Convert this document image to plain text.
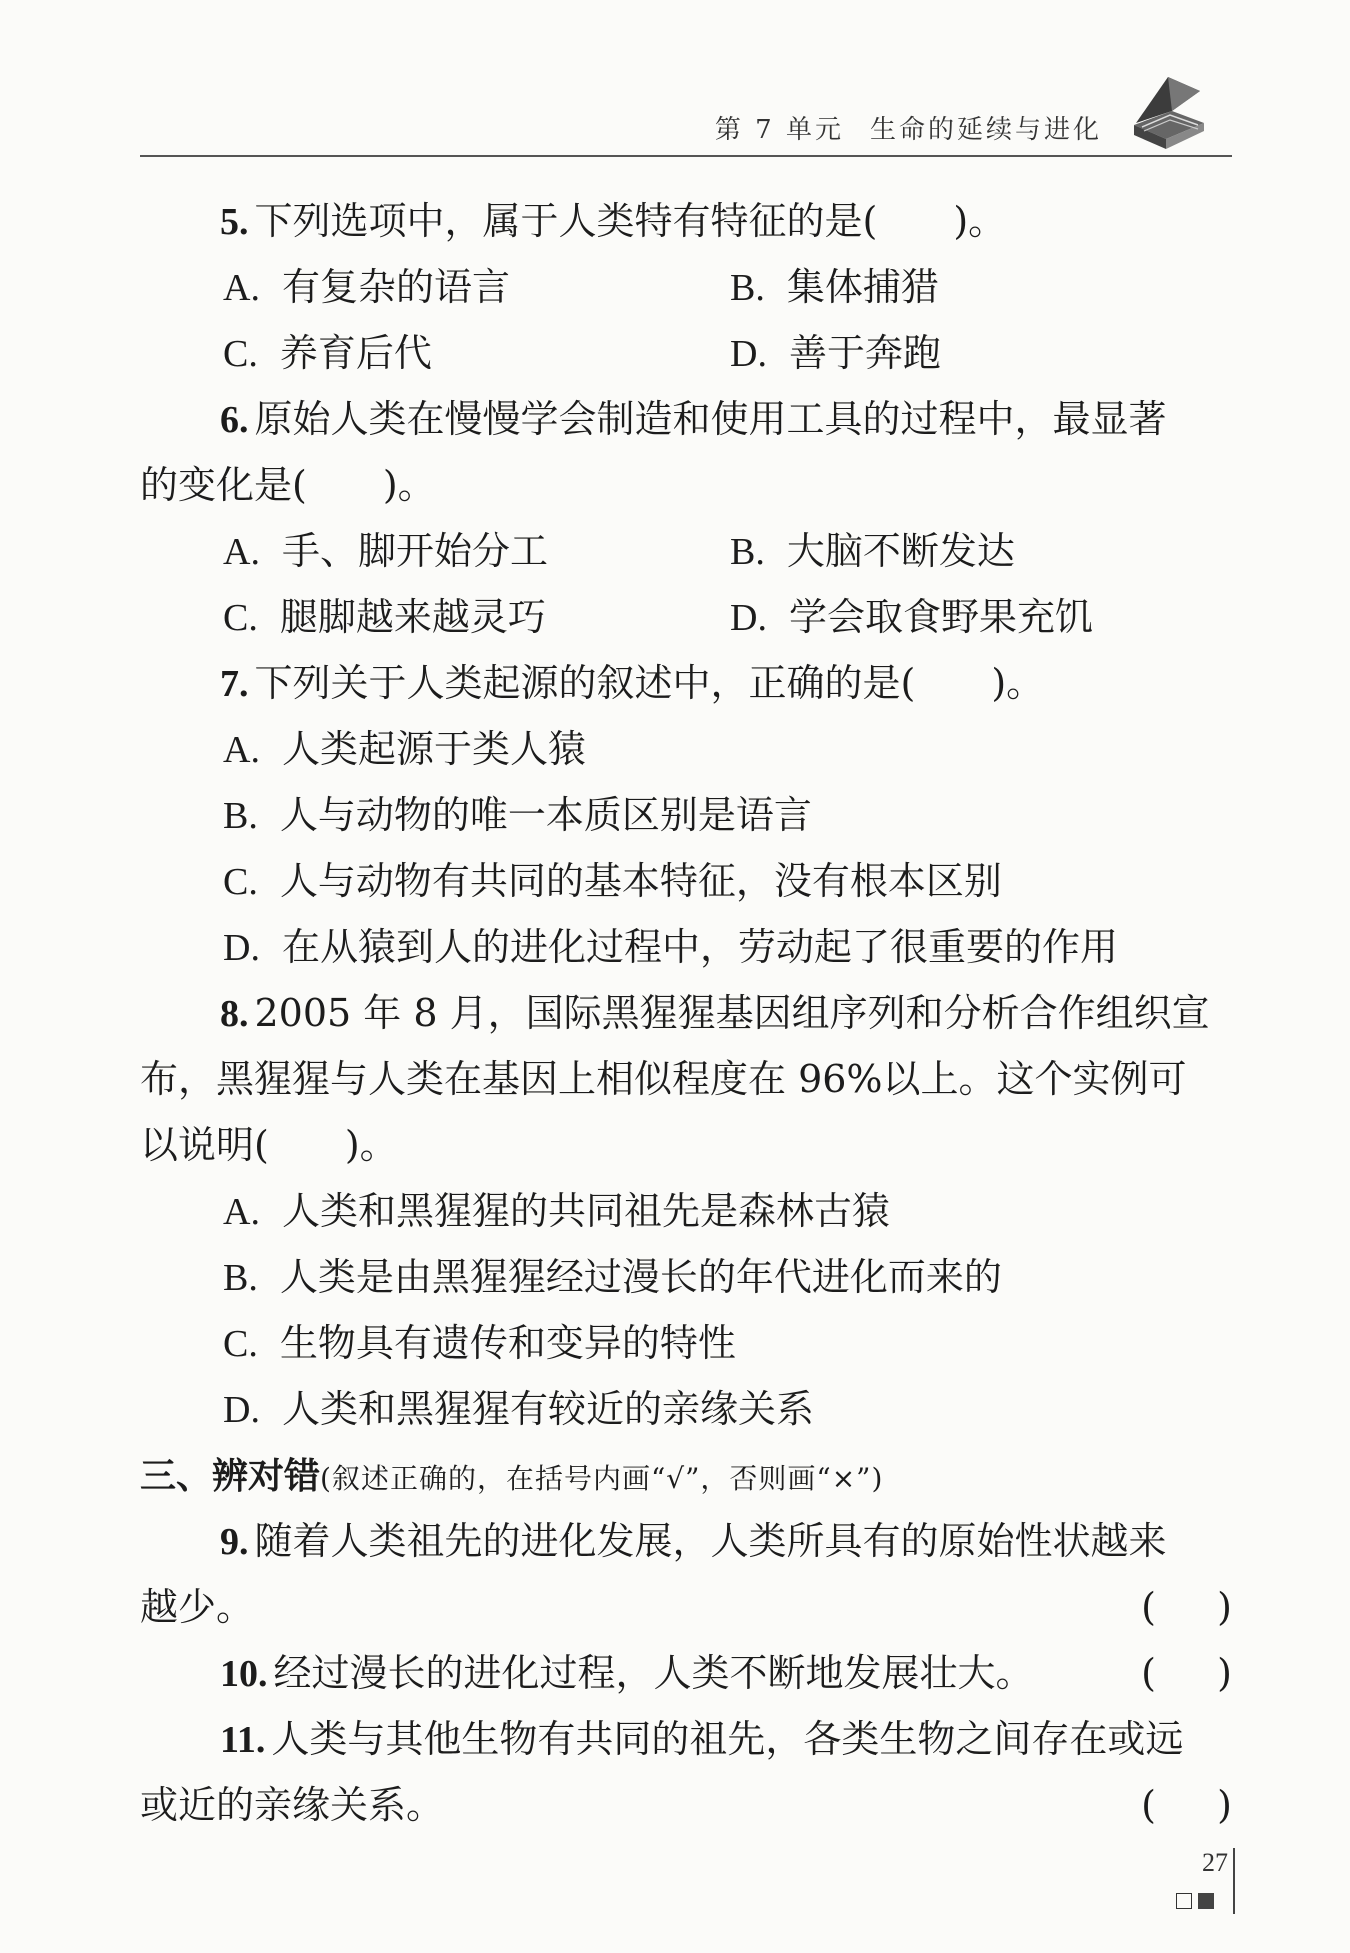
第 7 单元 生命的延续与进化
5. 下列选项中，属于人类特有特征的是(　　)。
A. 有复杂的语言	B. 集体捕猎
C. 养育后代	D. 善于奔跑
6. 原始人类在慢慢学会制造和使用工具的过程中，最显著
的变化是(　　)。
A. 手、脚开始分工	B. 大脑不断发达
C. 腿脚越来越灵巧	D. 学会取食野果充饥
7. 下列关于人类起源的叙述中，正确的是(　　)。
A. 人类起源于类人猿
B. 人与动物的唯一本质区别是语言
C. 人与动物有共同的基本特征，没有根本区别
D. 在从猿到人的进化过程中，劳动起了很重要的作用
8. 2005 年 8 月，国际黑猩猩基因组序列和分析合作组织宣
布，黑猩猩与人类在基因上相似程度在 96%以上。这个实例可
以说明(　　)。
A. 人类和黑猩猩的共同祖先是森林古猿
B. 人类是由黑猩猩经过漫长的年代进化而来的
C. 生物具有遗传和变异的特性
D. 人类和黑猩猩有较近的亲缘关系
三、辨对错(叙述正确的，在括号内画“√”，否则画“×”)
9. 随着人类祖先的进化发展，人类所具有的原始性状越来
越少。	( )
10. 经过漫长的进化过程，人类不断地发展壮大。	( )
11. 人类与其他生物有共同的祖先，各类生物之间存在或远
或近的亲缘关系。	( )
27
